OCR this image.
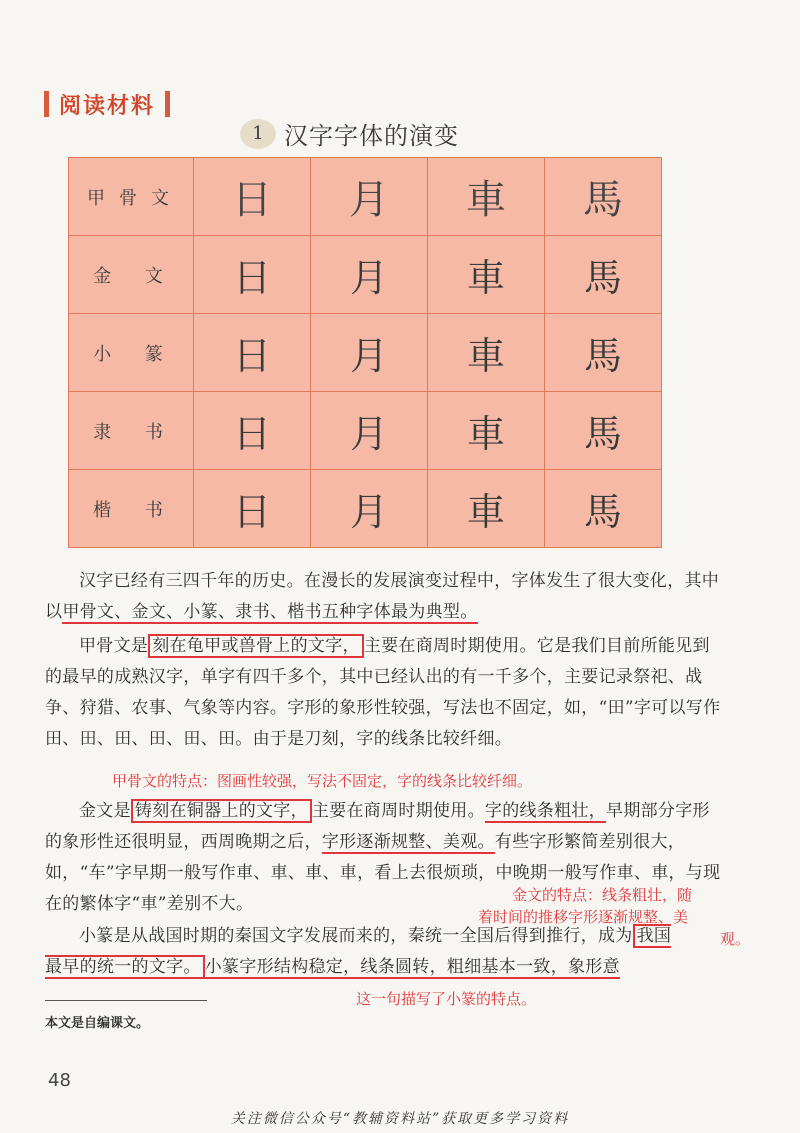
阅读材料
1 汉字字体的演变
甲骨文	日	月	車	馬
金 文	日	月	車	馬
小 篆	日	月	車	馬
隶 书	日	月	車	馬
楷 书	日	月	車	馬
汉字已经有三四千年的历史。在漫长的发展演变过程中，字体发生了很大变化，其中以甲骨文、金文、小篆、隶书、楷书五种字体最为典型。
甲骨文是 刻在龟甲或兽骨上的文字， 主要在商周时期使用。它是我们目前所能见到的最早的成熟汉字，单字有四千多个，其中已经认出的有一千多个，主要记录祭祀、战争、狩猎、农事、气象等内容。字形的象形性较强，写法也不固定，如，“田”字可以写作田、田、田、田、田、田。由于是刀刻，字的线条比较纤细。
甲骨文的特点：图画性较强，写法不固定，字的线条比较纤细。
金文是 铸刻在铜器上的文字， 主要在商周时期使用。字的线条粗壮，早期部分字形的象形性还很明显，西周晚期之后，字形逐渐规整、美观。有些字形繁简差别很大，如，“车”字早期一般写作車、車、車、車，看上去很烦琐，中晚期一般写作車、車，与现在的繁体字“車”差别不大。	金文的特点：线条粗壮，随
着时间的推移字形逐渐规整、美
观。
小篆是从战国时期的秦国文字发展而来的，秦统一全国后得到推行，成为 我国最早的统一的文字。 小篆字形结构稳定，线条圆转，粗细基本一致，象形意
这一句描写了小篆的特点。
本文是自编课文。
48
关注微信公众号“教辅资料站”获取更多学习资料
